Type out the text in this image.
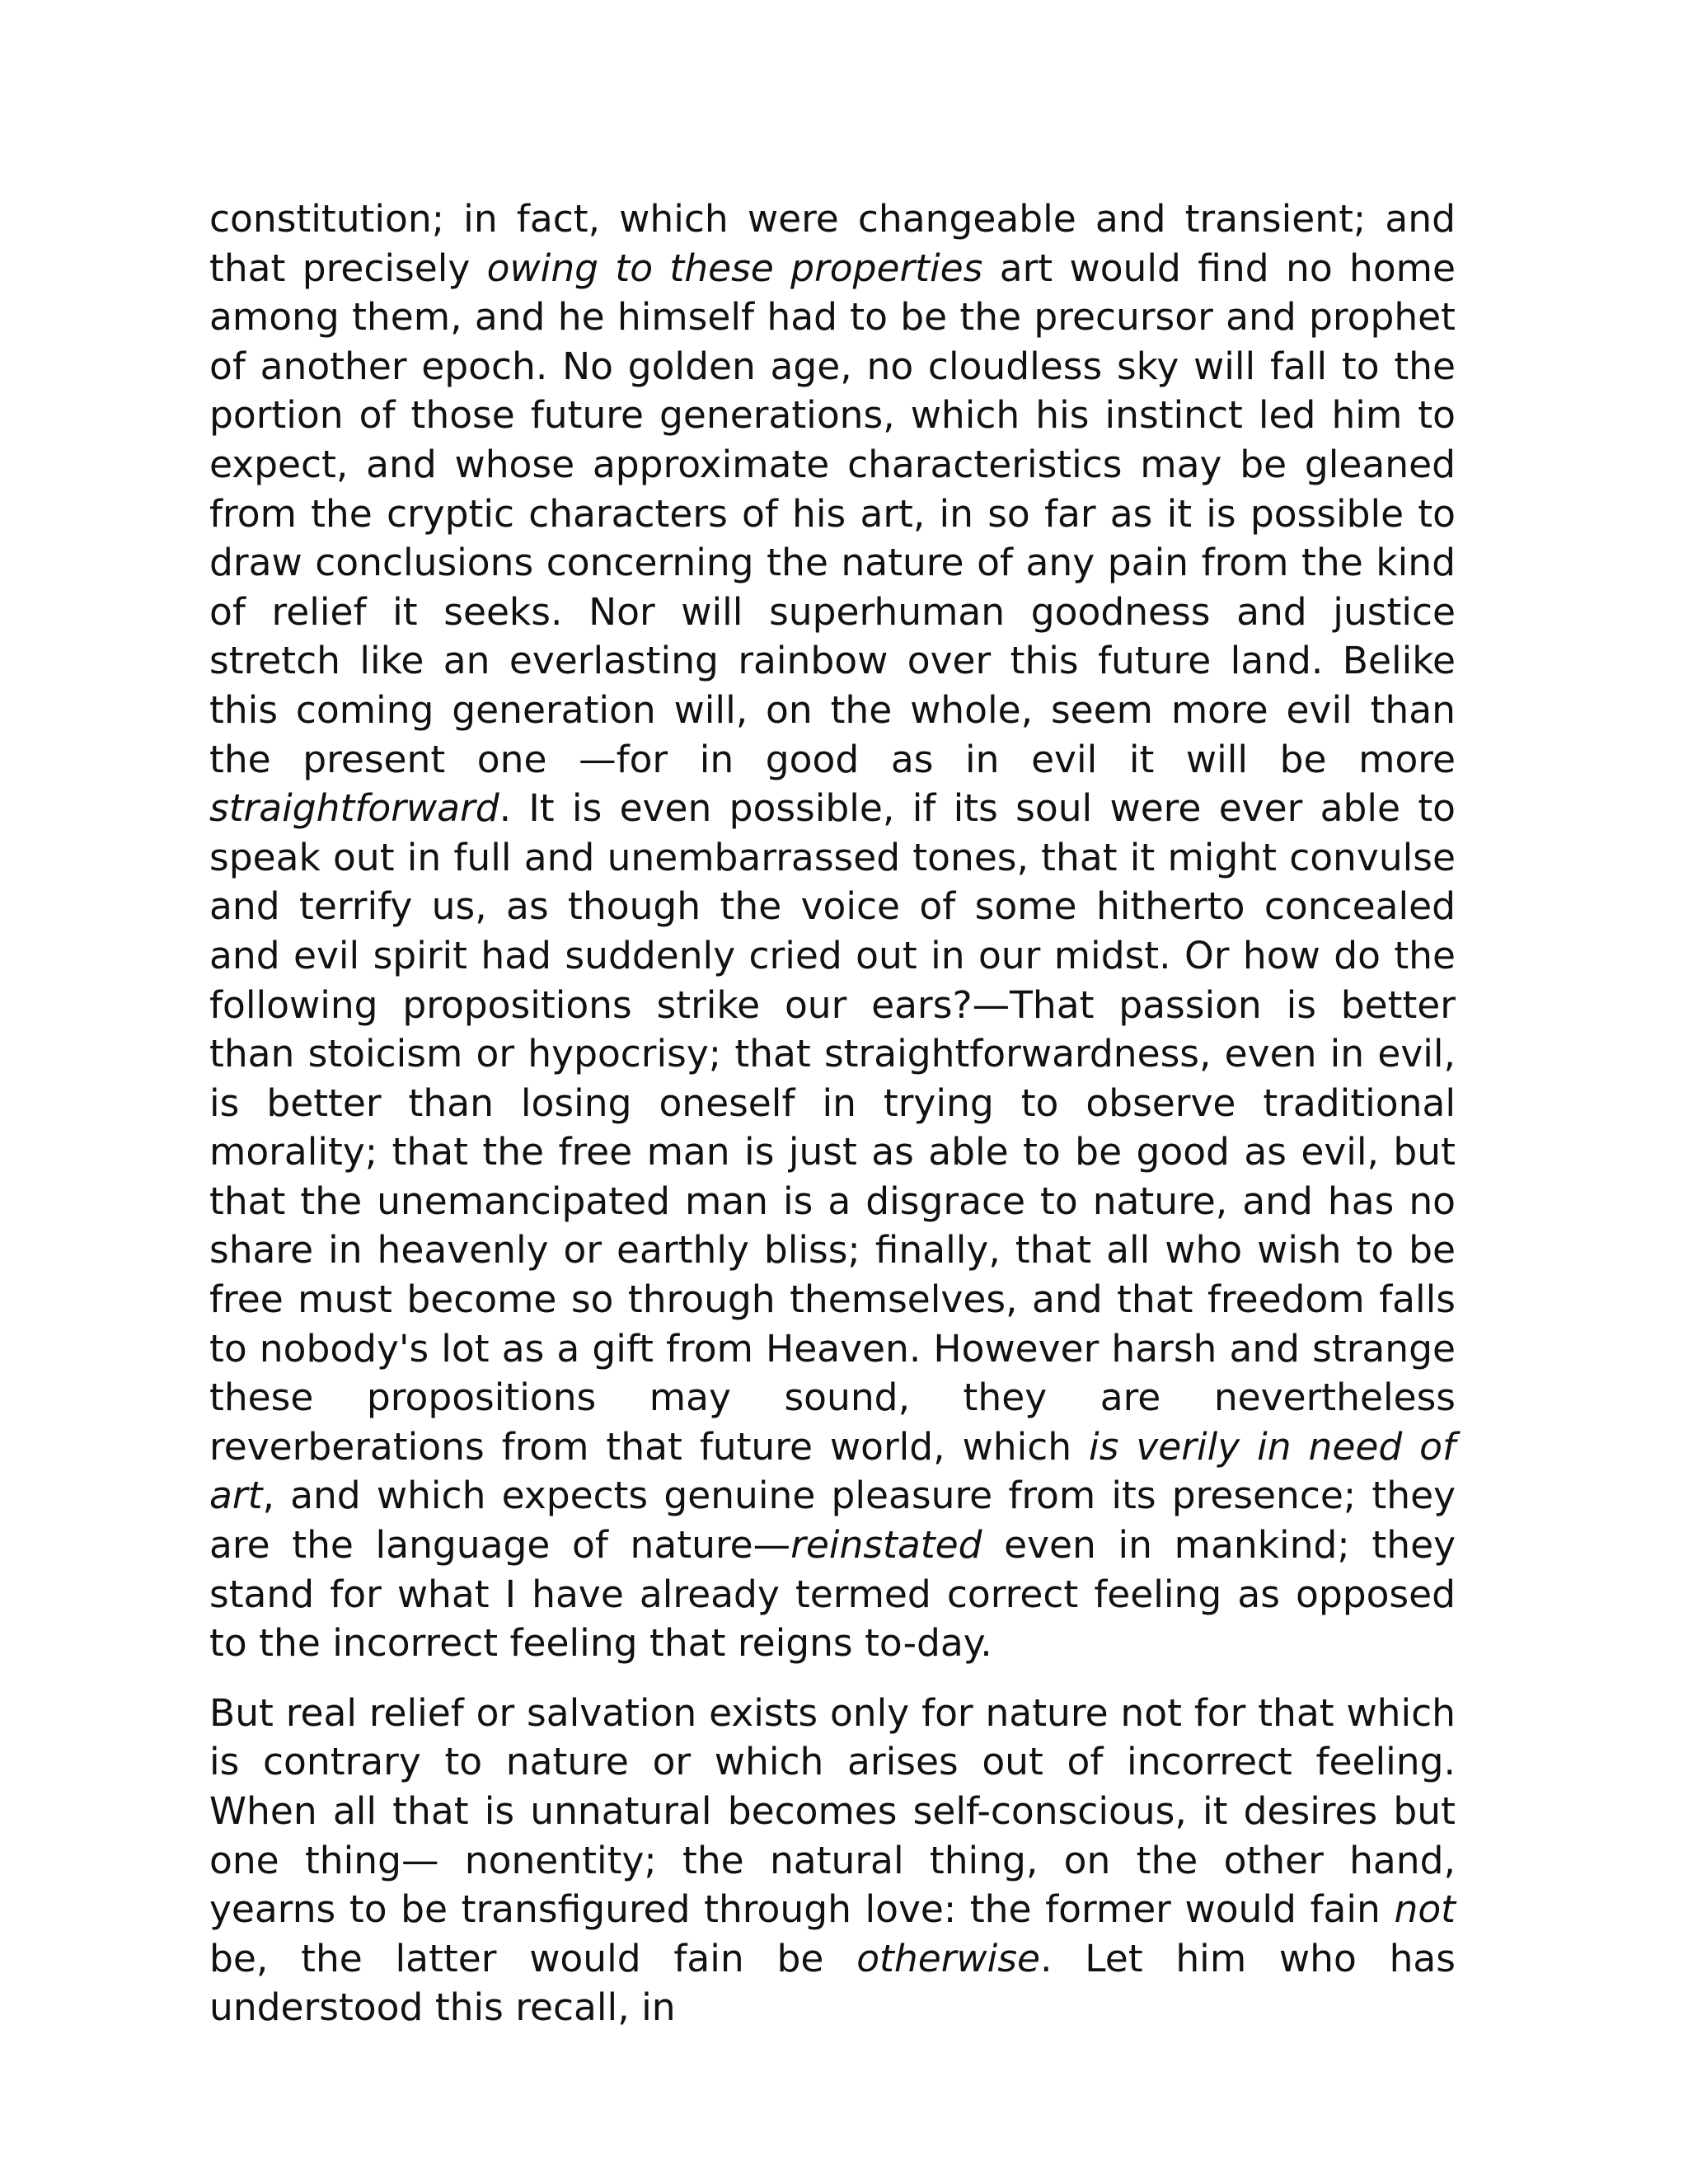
constitution; in fact, which were changeable and transient; and that precisely owing to these properties art would find no home among them, and he himself had to be the precursor and prophet of another epoch. No golden age, no cloudless sky will fall to the portion of those future generations, which his instinct led him to expect, and whose approximate characteristics may be gleaned from the cryptic characters of his art, in so far as it is possible to draw conclusions concerning the nature of any pain from the kind of relief it seeks. Nor will superhuman goodness and justice stretch like an everlasting rainbow over this future land. Belike this coming generation will, on the whole, seem more evil than the present one —for in good as in evil it will be more straightforward. It is even possible, if its soul were ever able to speak out in full and unembarrassed tones, that it might convulse and terrify us, as though the voice of some hitherto concealed and evil spirit had suddenly cried out in our midst. Or how do the following propositions strike our ears?—That passion is better than stoicism or hypocrisy; that straightforwardness, even in evil, is better than losing oneself in trying to observe traditional morality; that the free man is just as able to be good as evil, but that the unemancipated man is a disgrace to nature, and has no share in heavenly or earthly bliss; finally, that all who wish to be free must become so through themselves, and that freedom falls to nobody's lot as a gift from Heaven. However harsh and strange these propositions may sound, they are nevertheless reverberations from that future world, which is verily in need of art, and which expects genuine pleasure from its presence; they are the language of nature—reinstated even in mankind; they stand for what I have already termed correct feeling as opposed to the incorrect feeling that reigns to-day.

But real relief or salvation exists only for nature not for that which is contrary to nature or which arises out of incorrect feeling. When all that is unnatural becomes self-conscious, it desires but one thing— nonentity; the natural thing, on the other hand, yearns to be transfigured through love: the former would fain not be, the latter would fain be otherwise. Let him who has understood this recall, in
